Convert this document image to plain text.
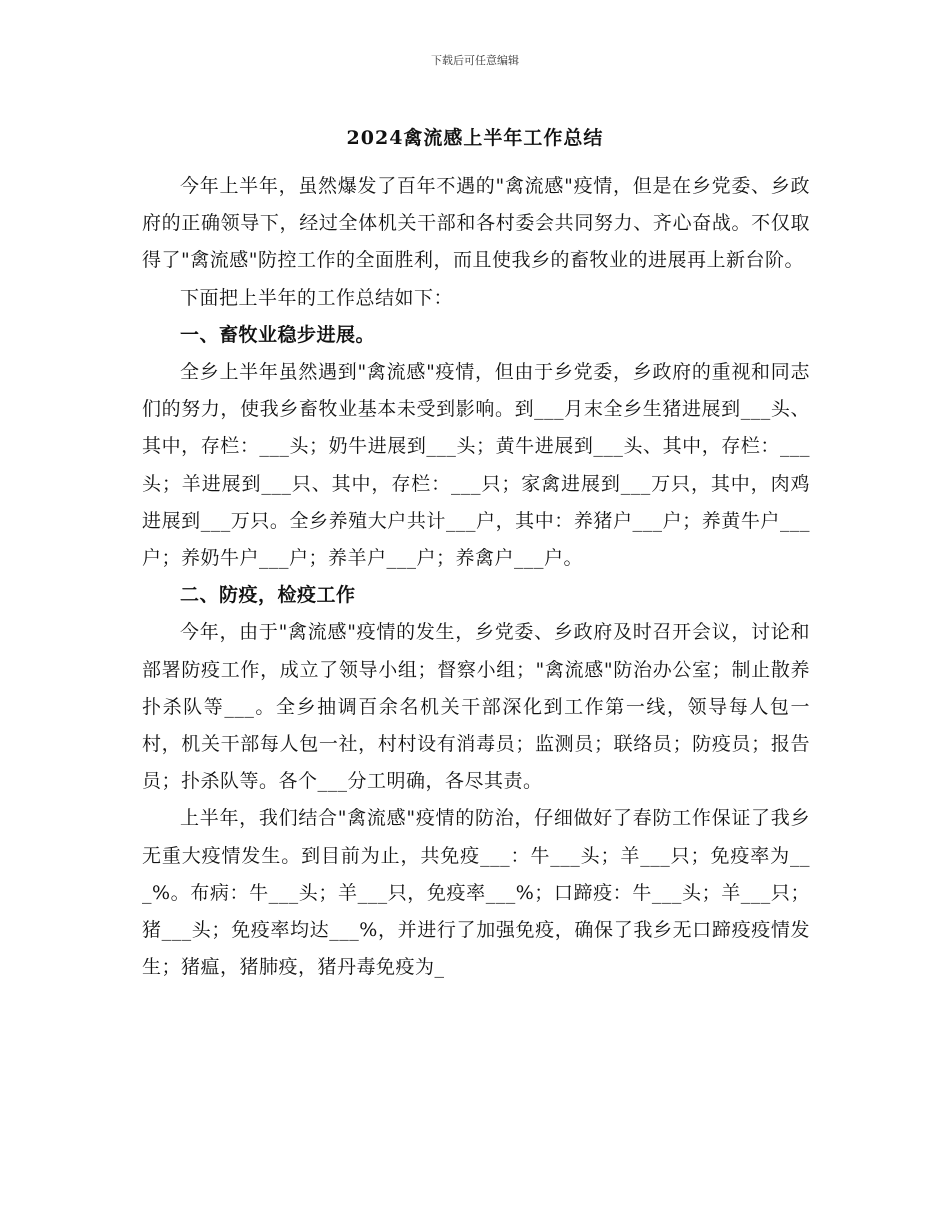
下载后可任意编辑
2024禽流感上半年工作总结

今年上半年，虽然爆发了百年不遇的"禽流感"疫情，但是在乡党委、乡政府的正确领导下，经过全体机关干部和各村委会共同努力、齐心奋战。不仅取得了"禽流感"防控工作的全面胜利，而且使我乡的畜牧业的进展再上新台阶。

下面把上半年的工作总结如下：

一、畜牧业稳步进展。

全乡上半年虽然遇到"禽流感"疫情，但由于乡党委，乡政府的重视和同志们的努力，使我乡畜牧业基本未受到影响。到___月末全乡生猪进展到___头、其中，存栏：___头；奶牛进展到___头；黄牛进展到___头、其中，存栏：___头；羊进展到___只、其中，存栏：___只；家禽进展到___万只，其中，肉鸡进展到___万只。全乡养殖大户共计___户，其中：养猪户___户；养黄牛户___户；养奶牛户___户；养羊户___户；养禽户___户。

二、防疫，检疫工作

今年，由于"禽流感"疫情的发生，乡党委、乡政府及时召开会议，讨论和部署防疫工作，成立了领导小组；督察小组；"禽流感"防治办公室；制止散养扑杀队等___。全乡抽调百余名机关干部深化到工作第一线，领导每人包一村，机关干部每人包一社，村村设有消毒员；监测员；联络员；防疫员；报告员；扑杀队等。各个___分工明确，各尽其责。

上半年，我们结合"禽流感"疫情的防治，仔细做好了春防工作保证了我乡无重大疫情发生。到目前为止，共免疫___：牛___头；羊___只；免疫率为___%。布病：牛___头；羊___只，免疫率___%；口蹄疫：牛___头；羊___只；猪___头；免疫率均达___%，并进行了加强免疫，确保了我乡无口蹄疫疫情发生；猪瘟，猪肺疫，猪丹毒免疫为_
